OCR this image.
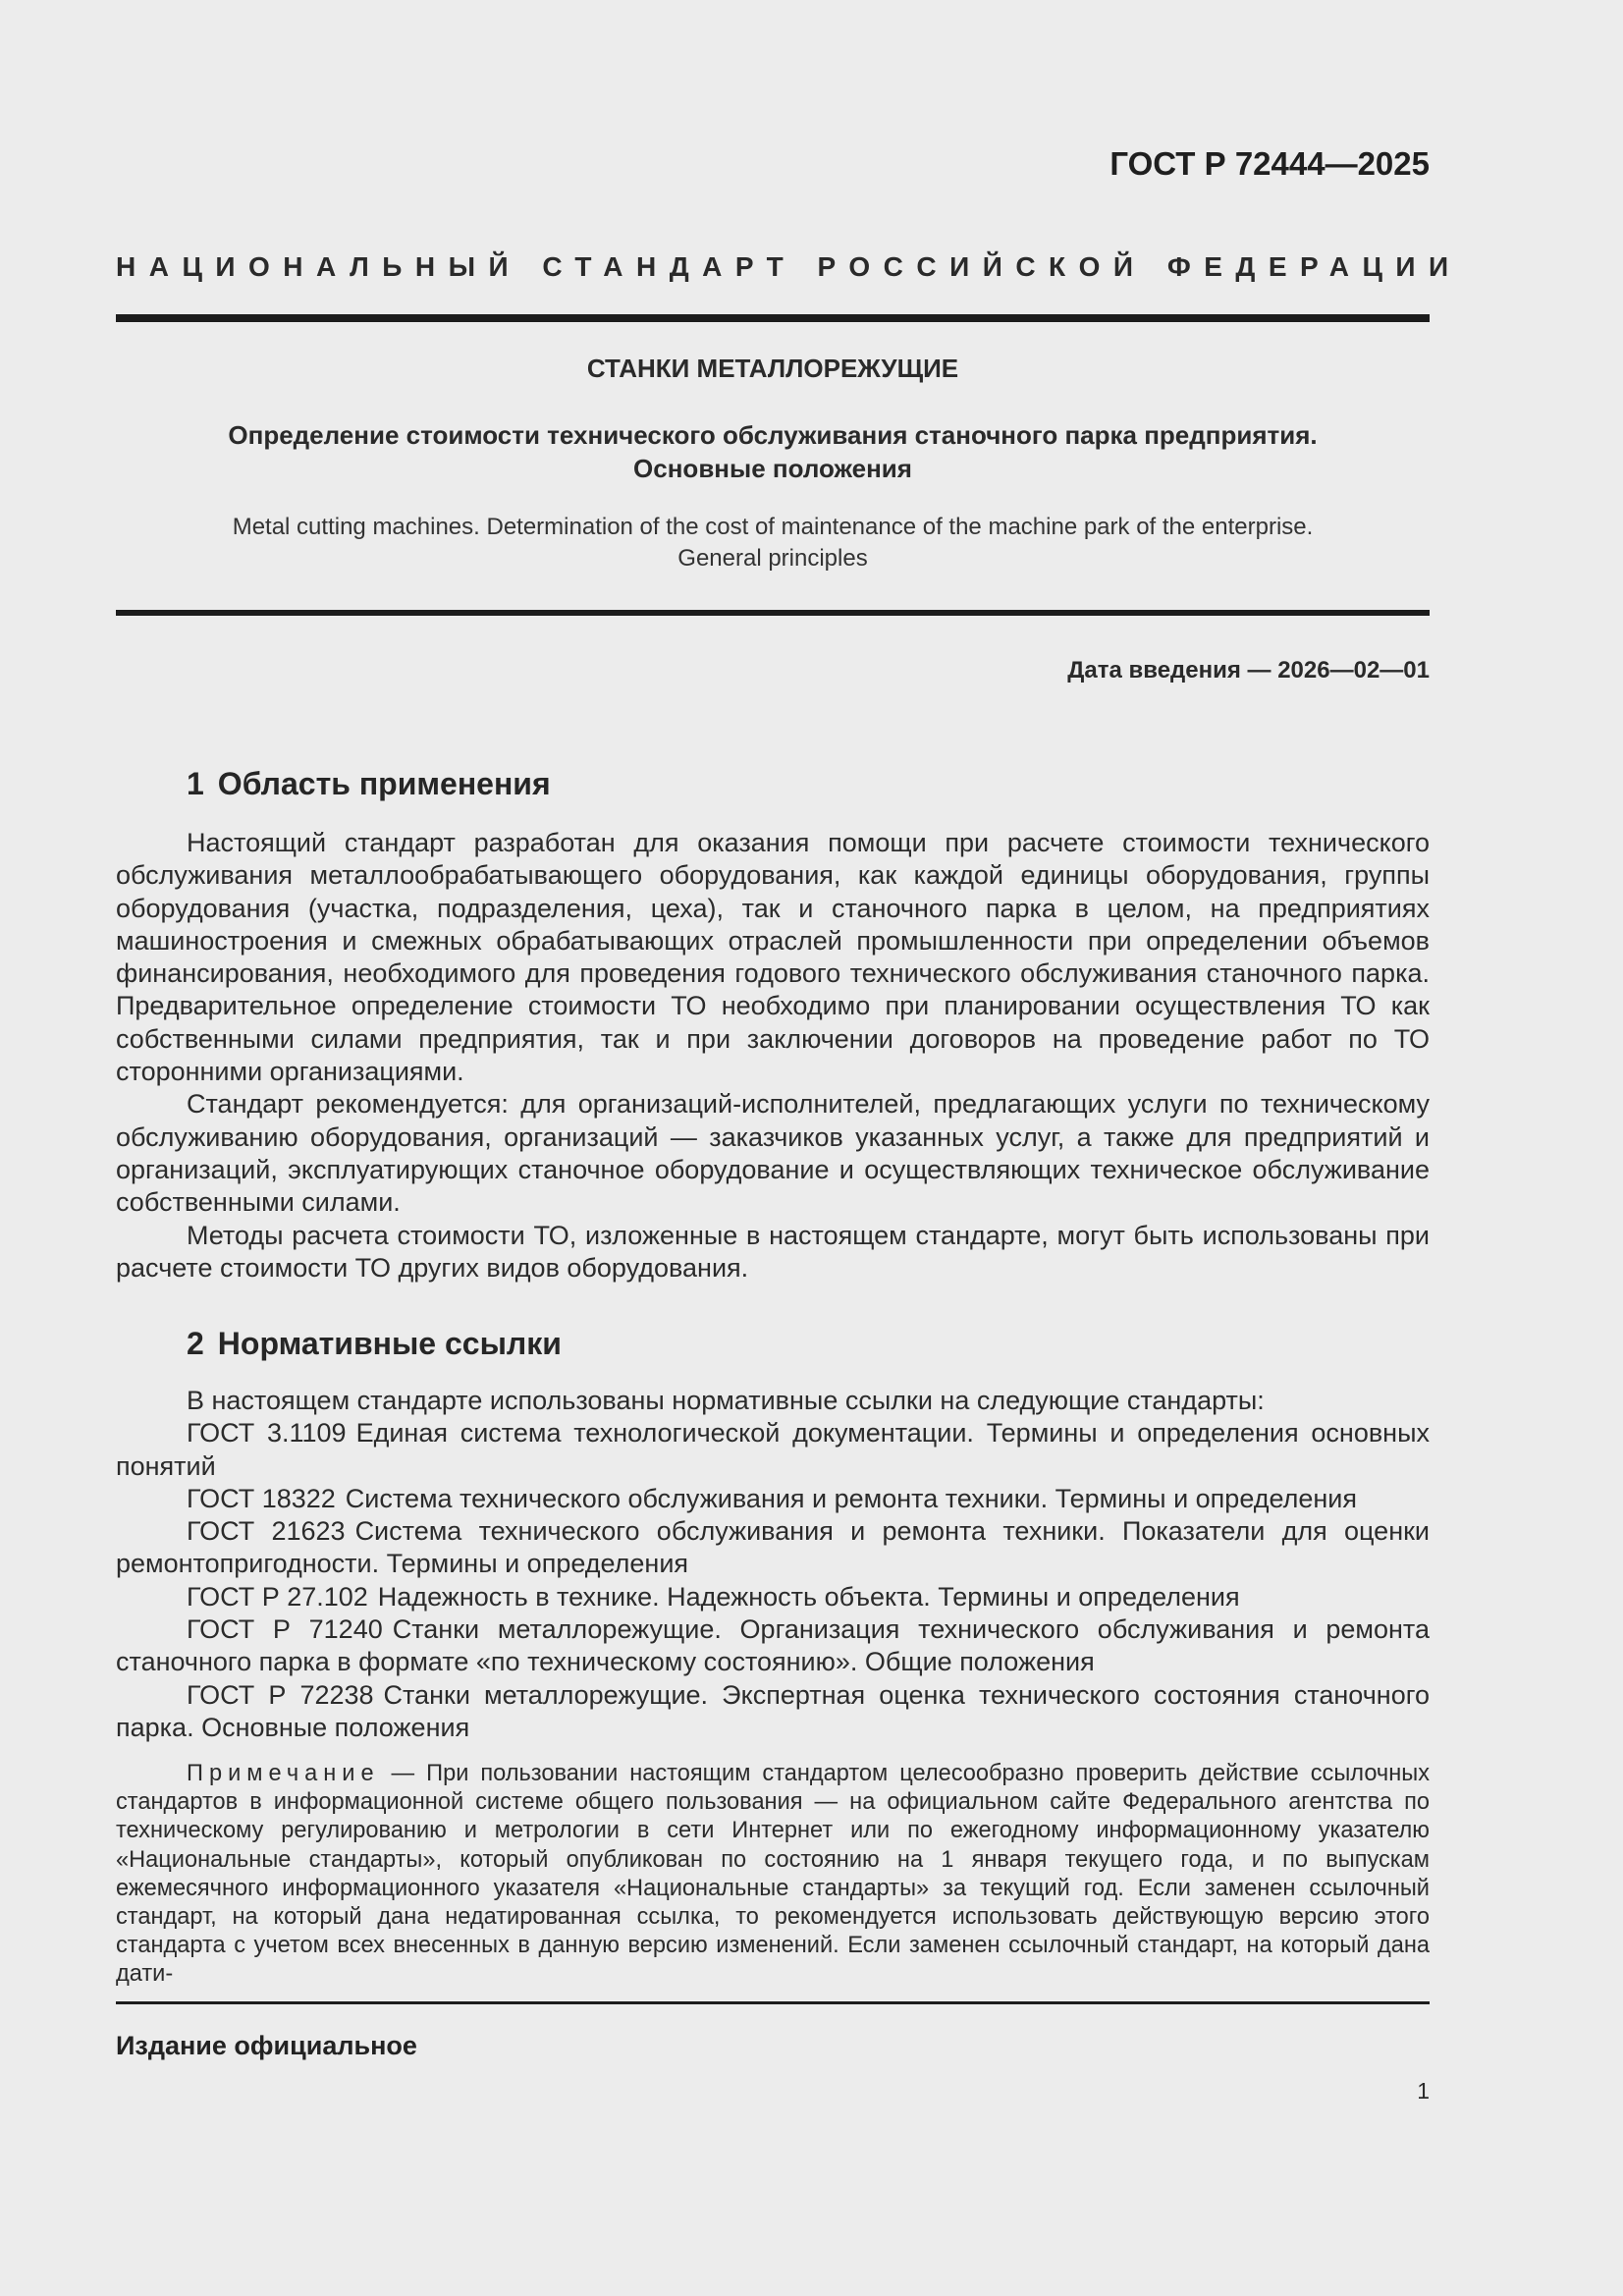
ГОСТ Р 72444—2025
НАЦИОНАЛЬНЫЙ СТАНДАРТ РОССИЙСКОЙ ФЕДЕРАЦИИ
СТАНКИ МЕТАЛЛОРЕЖУЩИЕ
Определение стоимости технического обслуживания станочного парка предприятия.
Основные положения
Metal cutting machines. Determination of the cost of maintenance of the machine park of the enterprise.
General principles
Дата введения — 2026—02—01
1 Область применения

Настоящий стандарт разработан для оказания помощи при расчете стоимости технического обслуживания металлообрабатывающего оборудования, как каждой единицы оборудования, группы оборудования (участка, подразделения, цеха), так и станочного парка в целом, на предприятиях машиностроения и смежных обрабатывающих отраслей промышленности при определении объемов финансирования, необходимого для проведения годового технического обслуживания станочного парка. Предварительное определение стоимости ТО необходимо при планировании осуществления ТО как собственными силами предприятия, так и при заключении договоров на проведение работ по ТО сторонними организациями.

Стандарт рекомендуется: для организаций-исполнителей, предлагающих услуги по техническому обслуживанию оборудования, организаций — заказчиков указанных услуг, а также для предприятий и организаций, эксплуатирующих станочное оборудование и осуществляющих техническое обслуживание собственными силами.

Методы расчета стоимости ТО, изложенные в настоящем стандарте, могут быть использованы при расчете стоимости ТО других видов оборудования.

2 Нормативные ссылки

В настоящем стандарте использованы нормативные ссылки на следующие стандарты:

ГОСТ 3.1109 Единая система технологической документации. Термины и определения основных понятий

ГОСТ 18322 Система технического обслуживания и ремонта техники. Термины и определения

ГОСТ 21623 Система технического обслуживания и ремонта техники. Показатели для оценки ремонтопригодности. Термины и определения

ГОСТ Р 27.102 Надежность в технике. Надежность объекта. Термины и определения

ГОСТ Р 71240 Станки металлорежущие. Организация технического обслуживания и ремонта станочного парка в формате «по техническому состоянию». Общие положения

ГОСТ Р 72238 Станки металлорежущие. Экспертная оценка технического состояния станочного парка. Основные положения

Примечание — При пользовании настоящим стандартом целесообразно проверить действие ссылочных стандартов в информационной системе общего пользования — на официальном сайте Федерального агентства по техническому регулированию и метрологии в сети Интернет или по ежегодному информационному указателю «Национальные стандарты», который опубликован по состоянию на 1 января текущего года, и по выпускам ежемесячного информационного указателя «Национальные стандарты» за текущий год. Если заменен ссылочный стандарт, на который дана недатированная ссылка, то рекомендуется использовать действующую версию этого стандарта с учетом всех внесенных в данную версию изменений. Если заменен ссылочный стандарт, на который дана дати-

Издание официальное
1
